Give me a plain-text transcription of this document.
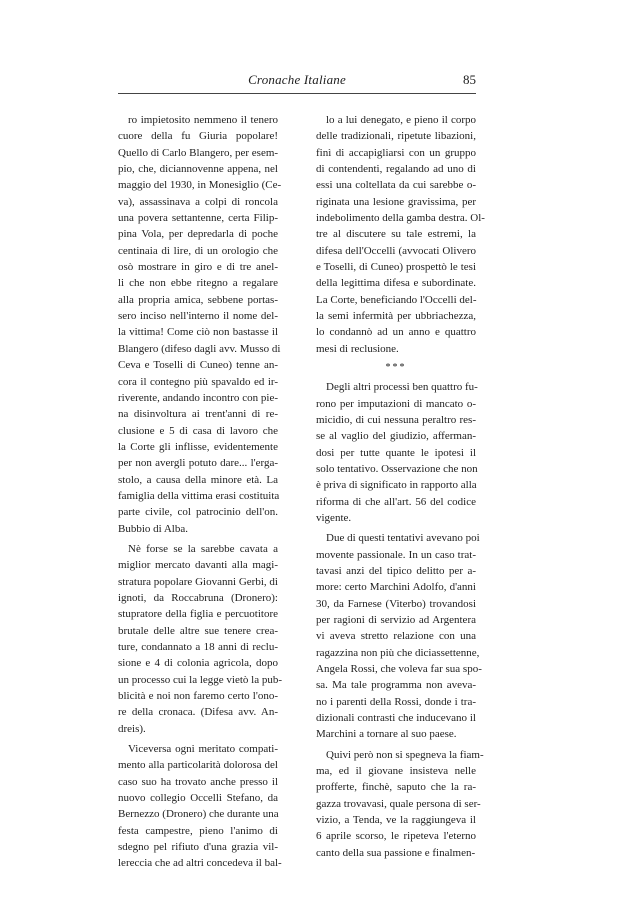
Cronache Italiane	85

ro impietosito nemmeno il tenero

cuore della fu Giuria popolare!

Quello di Carlo Blangero, per esem-

pio, che, diciannovenne appena, nel

maggio del 1930, in Monesiglio (Ce-

va), assassinava a colpi di roncola

una povera settantenne, certa Filip-

pina Vola, per depredarla di poche

centinaia di lire, di un orologio che

osò mostrare in giro e di tre anel-

li che non ebbe ritegno a regalare

alla propria amica, sebbene portas-

sero inciso nell'interno il nome del-

la vittima! Come ciò non bastasse il

Blangero (difeso dagli avv. Musso di

Ceva e Toselli di Cuneo) tenne an-

cora il contegno più spavaldo ed ir-

riverente, andando incontro con pie-

na disinvoltura ai trent'anni di re-

clusione e 5 di casa di lavoro che

la Corte gli inflisse, evidentemente

per non avergli potuto dare... l'erga-

stolo, a causa della minore età. La

famiglia della vittima erasi costituita

parte civile, col patrocinio dell'on.

Bubbio di Alba.

Nè forse se la sarebbe cavata a

miglior mercato davanti alla magi-

stratura popolare Giovanni Gerbi, di

ignoti, da Roccabruna (Dronero):

stupratore della figlia e percuotitore

brutale delle altre sue tenere crea-

ture, condannato a 18 anni di reclu-

sione e 4 di colonia agricola, dopo

un processo cui la legge vietò la pub-

blicità e noi non faremo certo l'ono-

re della cronaca. (Difesa avv. An-

dreis).

Viceversa ogni meritato compati-

mento alla particolarità dolorosa del

caso suo ha trovato anche presso il

nuovo collegio Occelli Stefano, da

Bernezzo (Dronero) che durante una

festa campestre, pieno l'animo di

sdegno pel rifiuto d'una grazia vil-

lereccia che ad altri concedeva il bal-

lo a lui denegato, e pieno il corpo

delle tradizionali, ripetute libazioni,

finì di accapigliarsi con un gruppo

di contendenti, regalando ad uno di

essi una coltellata da cui sarebbe o-

riginata una lesione gravissima, per

indebolimento della gamba destra. Ol-

tre al discutere su tale estremi, la

difesa dell'Occelli (avvocati Olivero

e Toselli, di Cuneo) prospettò le tesi

della legittima difesa e subordinate.

La Corte, beneficiando l'Occelli del-

la semi infermità per ubbriachezza,

lo condannò ad un anno e quattro

mesi di reclusione.

***

Degli altri processi ben quattro fu-

rono per imputazioni di mancato o-

micidio, di cui nessuna peraltro res-

se al vaglio del giudizio, afferman-

dosi per tutte quante le ipotesi il

solo tentativo. Osservazione che non

è priva di significato in rapporto alla

riforma di che all'art. 56 del codice

vigente.

Due di questi tentativi avevano poi

movente passionale. In un caso trat-

tavasi anzi del tipico delitto per a-

more: certo Marchini Adolfo, d'anni

30, da Farnese (Viterbo) trovandosi

per ragioni di servizio ad Argentera

vi aveva stretto relazione con una

ragazzina non più che diciassettenne,

Angela Rossi, che voleva far sua spo-

sa. Ma tale programma non aveva-

no i parenti della Rossi, donde i tra-

dizionali contrasti che inducevano il

Marchini a tornare al suo paese.

Quivi però non si spegneva la fiam-

ma, ed il giovane insisteva nelle

profferte, finchè, saputo che la ra-

gazza trovavasi, quale persona di ser-

vizio, a Tenda, ve la raggiungeva il

6 aprile scorso, le ripeteva l'eterno

canto della sua passione e finalmen-
